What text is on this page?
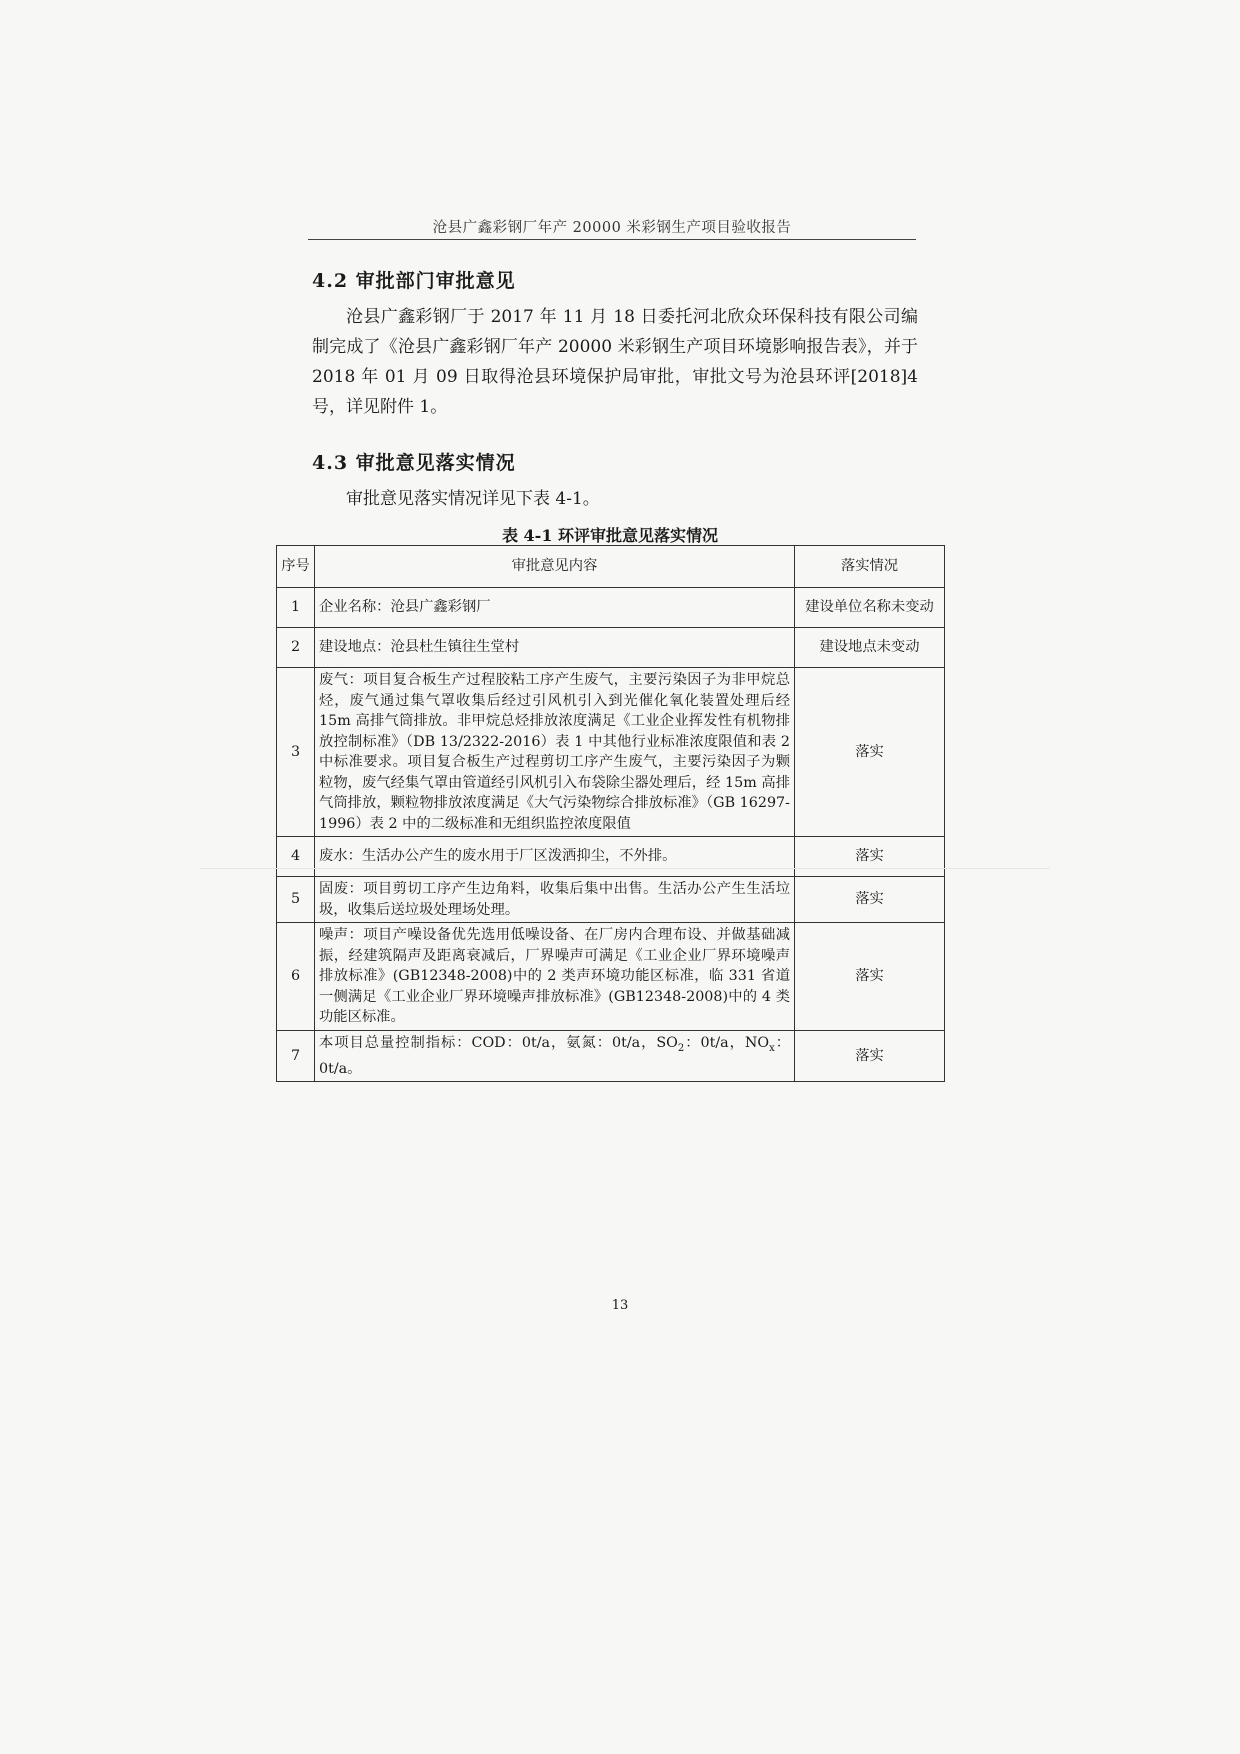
沧县广鑫彩钢厂年产 20000 米彩钢生产项目验收报告
4.2 审批部门审批意见

沧县广鑫彩钢厂于 2017 年 11 月 18 日委托河北欣众环保科技有限公司编制完成了《沧县广鑫彩钢厂年产 20000 米彩钢生产项目环境影响报告表》，并于 2018 年 01 月 09 日取得沧县环境保护局审批，审批文号为沧县环评[2018]4 号，详见附件 1。

4.3 审批意见落实情况

审批意见落实情况详见下表 4-1。

表 4-1 环评审批意见落实情况
序号	审批意见内容	落实情况
1	企业名称：沧县广鑫彩钢厂	建设单位名称未变动
2	建设地点：沧县杜生镇往生堂村	建设地点未变动
3	废气：项目复合板生产过程胶粘工序产生废气，主要污染因子为非甲烷总烃，废气通过集气罩收集后经过引风机引入到光催化氧化装置处理后经 15m 高排气筒排放。非甲烷总烃排放浓度满足《工业企业挥发性有机物排放控制标准》（DB 13/2322-2016）表 1 中其他行业标准浓度限值和表 2 中标准要求。项目复合板生产过程剪切工序产生废气，主要污染因子为颗粒物，废气经集气罩由管道经引风机引入布袋除尘器处理后，经 15m 高排气筒排放，颗粒物排放浓度满足《大气污染物综合排放标准》（GB 16297-1996）表 2 中的二级标准和无组织监控浓度限值	落实
4	废水：生活办公产生的废水用于厂区泼洒抑尘，不外排。	落实
5	固废：项目剪切工序产生边角料，收集后集中出售。生活办公产生生活垃圾，收集后送垃圾处理场处理。	落实
6	噪声：项目产噪设备优先选用低噪设备、在厂房内合理布设、并做基础减振，经建筑隔声及距离衰减后，厂界噪声可满足《工业企业厂界环境噪声排放标准》(GB12348-2008)中的 2 类声环境功能区标准，临 331 省道一侧满足《工业企业厂界环境噪声排放标准》(GB12348-2008)中的 4 类功能区标准。	落实
7	本项目总量控制指标：COD：0t/a，氨氮：0t/a，$SO_2$：0t/a，$NO_x$：0t/a。	落实
13
